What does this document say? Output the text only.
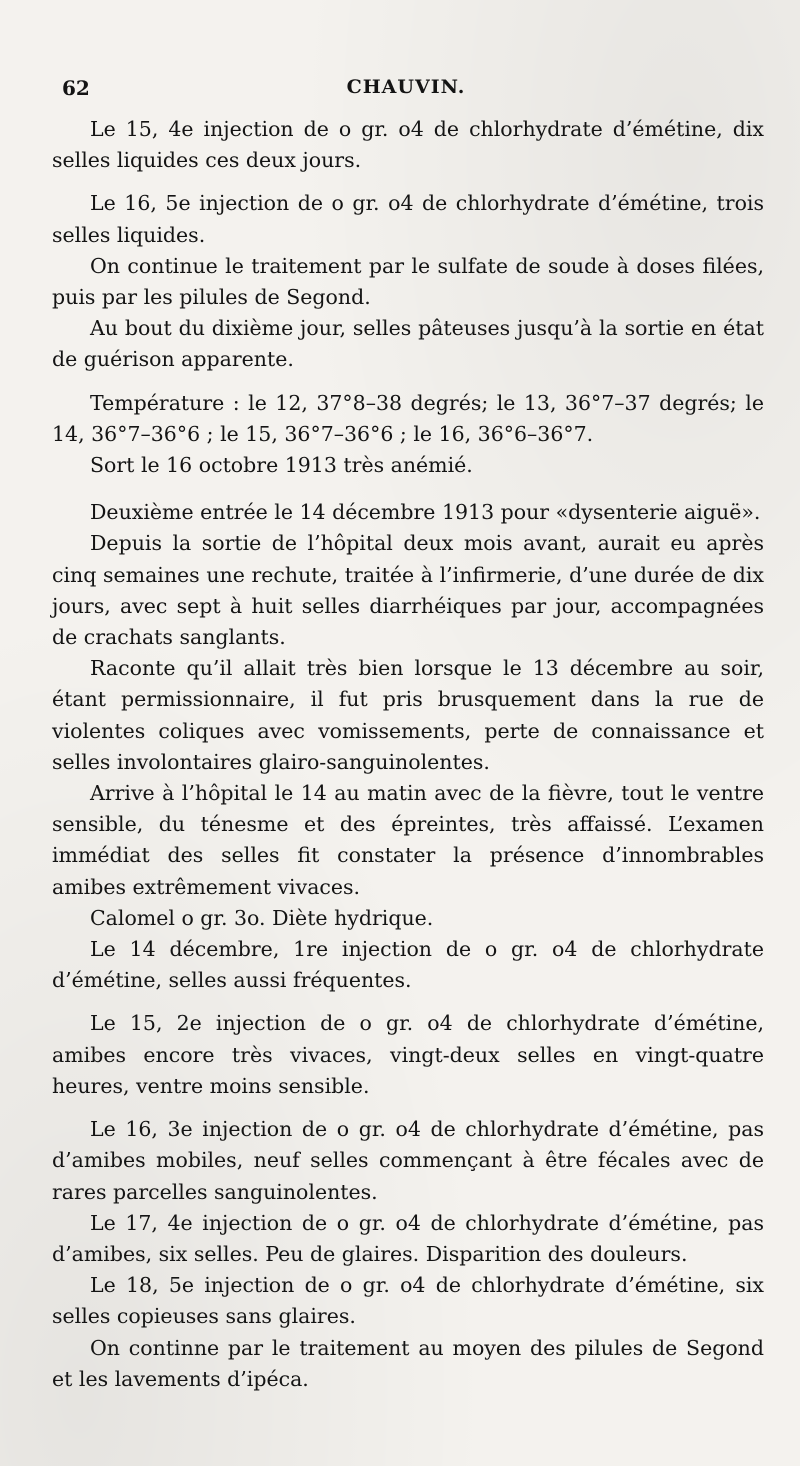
62	CHAUVIN.

Le 15, 4e injection de o gr. o4 de chlorhydrate d’émétine, dix selles liquides ces deux jours.

Le 16, 5e injection de o gr. o4 de chlorhydrate d’émétine, trois selles liquides.

On continue le traitement par le sulfate de soude à doses filées, puis par les pilules de Segond.

Au bout du dixième jour, selles pâteuses jusqu’à la sortie en état de guérison apparente.

Température : le 12, 37°8–38 degrés; le 13, 36°7–37 degrés; le 14, 36°7–36°6 ; le 15, 36°7–36°6 ; le 16, 36°6–36°7.

Sort le 16 octobre 1913 très anémié.

Deuxième entrée le 14 décembre 1913 pour «dysenterie aiguë».

Depuis la sortie de l’hôpital deux mois avant, aurait eu après cinq semaines une rechute, traitée à l’infirmerie, d’une durée de dix jours, avec sept à huit selles diarrhéiques par jour, accompagnées de crachats sanglants.

Raconte qu’il allait très bien lorsque le 13 décembre au soir, étant permissionnaire, il fut pris brusquement dans la rue de violentes coliques avec vomissements, perte de connaissance et selles involontaires glairo-sanguinolentes.

Arrive à l’hôpital le 14 au matin avec de la fièvre, tout le ventre sensible, du ténesme et des épreintes, très affaissé. L’examen immédiat des selles fit constater la présence d’innombrables amibes extrêmement vivaces.

Calomel o gr. 3o. Diète hydrique.

Le 14 décembre, 1re injection de o gr. o4 de chlorhydrate d’émétine, selles aussi fréquentes.

Le 15, 2e injection de o gr. o4 de chlorhydrate d’émétine, amibes encore très vivaces, vingt-deux selles en vingt-quatre heures, ventre moins sensible.

Le 16, 3e injection de o gr. o4 de chlorhydrate d’émétine, pas d’amibes mobiles, neuf selles commençant à être fécales avec de rares parcelles sanguinolentes.

Le 17, 4e injection de o gr. o4 de chlorhydrate d’émétine, pas d’amibes, six selles. Peu de glaires. Disparition des douleurs.

Le 18, 5e injection de o gr. o4 de chlorhydrate d’émétine, six selles copieuses sans glaires.

On continne par le traitement au moyen des pilules de Segond et les lavements d’ipéca.
